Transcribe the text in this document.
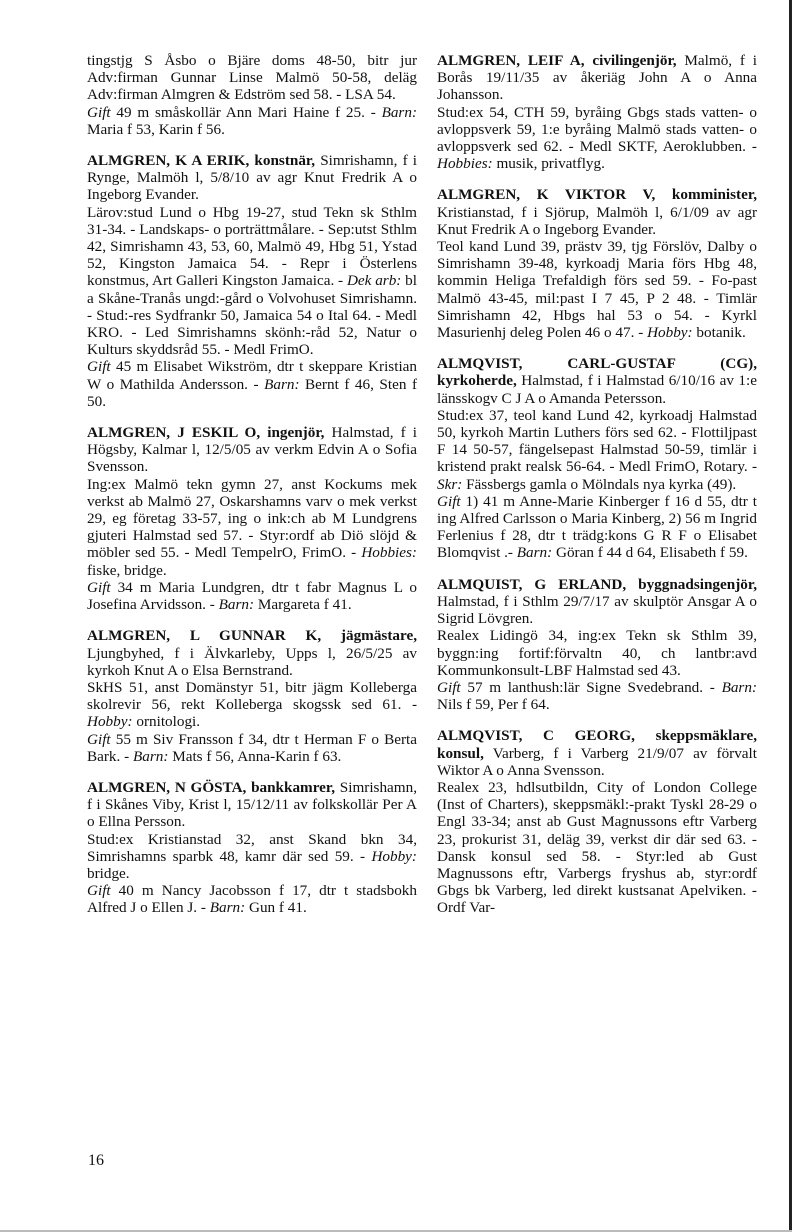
tingstjg S Åsbo o Bjäre doms 48-50, bitr jur Adv:firman Gunnar Linse Malmö 50-58, deläg Adv:firman Almgren & Edström sed 58. - LSA 54.

Gift 49 m småskollär Ann Mari Haine f 25. - Barn: Maria f 53, Karin f 56.

ALMGREN, K A ERIK, konstnär, Simrishamn, f i Rynge, Malmöh l, 5/8/10 av agr Knut Fredrik A o Ingeborg Evander.

Lärov:stud Lund o Hbg 19-27, stud Tekn sk Sthlm 31-34. - Landskaps- o porträttmålare. - Sep:utst Sthlm 42, Simrishamn 43, 53, 60, Malmö 49, Hbg 51, Ystad 52, Kingston Jamaica 54. - Repr i Österlens konstmus, Art Galleri Kingston Jamaica. - Dek arb: bl a Skåne-Tranås ungd:-gård o Volvohuset Simrishamn. - Stud:-res Sydfrankr 50, Jamaica 54 o Ital 64. - Medl KRO. - Led Simrishamns skönh:-råd 52, Natur o Kulturs skyddsråd 55. - Medl FrimO.

Gift 45 m Elisabet Wikström, dtr t skeppare Kristian W o Mathilda Andersson. - Barn: Bernt f 46, Sten f 50.

ALMGREN, J ESKIL O, ingenjör, Halmstad, f i Högsby, Kalmar l, 12/5/05 av verkm Edvin A o Sofia Svensson.

Ing:ex Malmö tekn gymn 27, anst Kockums mek verkst ab Malmö 27, Oskarshamns varv o mek verkst 29, eg företag 33-57, ing o ink:ch ab M Lundgrens gjuteri Halmstad sed 57. - Styr:ordf ab Diö slöjd & möbler sed 55. - Medl TempelrO, FrimO. - Hobbies: fiske, bridge.

Gift 34 m Maria Lundgren, dtr t fabr Magnus L o Josefina Arvidsson. - Barn: Margareta f 41.

ALMGREN, L GUNNAR K, jägmästare, Ljungbyhed, f i Älvkarleby, Upps l, 26/5/25 av kyrkoh Knut A o Elsa Bernstrand.

SkHS 51, anst Domänstyr 51, bitr jägm Kolleberga skolrevir 56, rekt Kolleberga skogssk sed 61. - Hobby: ornitologi.

Gift 55 m Siv Fransson f 34, dtr t Herman F o Berta Bark. - Barn: Mats f 56, Anna-Karin f 63.

ALMGREN, N GÖSTA, bankkamrer, Simrishamn, f i Skånes Viby, Krist l, 15/12/11 av folkskollär Per A o Ellna Persson.

Stud:ex Kristianstad 32, anst Skand bkn 34, Simrishamns sparbk 48, kamr där sed 59. - Hobby: bridge.

Gift 40 m Nancy Jacobsson f 17, dtr t stadsbokh Alfred J o Ellen J. - Barn: Gun f 41.

ALMGREN, LEIF A, civilingenjör, Malmö, f i Borås 19/11/35 av åkeriäg John A o Anna Johansson.

Stud:ex 54, CTH 59, byråing Gbgs stads vatten- o avloppsverk 59, 1:e byråing Malmö stads vatten- o avloppsverk sed 62. - Medl SKTF, Aeroklubben. - Hobbies: musik, privatflyg.

ALMGREN, K VIKTOR V, komminister, Kristianstad, f i Sjörup, Malmöh l, 6/1/09 av agr Knut Fredrik A o Ingeborg Evander.

Teol kand Lund 39, prästv 39, tjg Förslöv, Dalby o Simrishamn 39-48, kyrkoadj Maria förs Hbg 48, kommin Heliga Trefaldigh förs sed 59. - Fo-past Malmö 43-45, mil:past I 7 45, P 2 48. - Timlär Simrishamn 42, Hbgs hal 53 o 54. - Kyrkl Masurienhj deleg Polen 46 o 47. - Hobby: botanik.

ALMQVIST, CARL-GUSTAF (CG), kyrkoherde, Halmstad, f i Halmstad 6/10/16 av 1:e länsskogv C J A o Amanda Petersson.

Stud:ex 37, teol kand Lund 42, kyrkoadj Halmstad 50, kyrkoh Martin Luthers förs sed 62. - Flottiljpast F 14 50-57, fängelsepast Halmstad 50-59, timlär i kristend prakt realsk 56-64. - Medl FrimO, Rotary. - Skr: Fässbergs gamla o Mölndals nya kyrka (49).

Gift 1) 41 m Anne-Marie Kinberger f 16 d 55, dtr t ing Alfred Carlsson o Maria Kinberg, 2) 56 m Ingrid Ferlenius f 28, dtr t trädg:kons G R F o Elisabet Blomqvist .- Barn: Göran f 44 d 64, Elisabeth f 59.

ALMQUIST, G ERLAND, byggnadsingenjör, Halmstad, f i Sthlm 29/7/17 av skulptör Ansgar A o Sigrid Lövgren.

Realex Lidingö 34, ing:ex Tekn sk Sthlm 39, byggn:ing fortif:förvaltn 40, ch lantbr:avd Kommunkonsult-LBF Halmstad sed 43.

Gift 57 m lanthush:lär Signe Svedebrand. - Barn: Nils f 59, Per f 64.

ALMQVIST, C GEORG, skeppsmäklare, konsul, Varberg, f i Varberg 21/9/07 av förvalt Wiktor A o Anna Svensson.

Realex 23, hdlsutbildn, City of London College (Inst of Charters), skeppsmäkl:-prakt Tyskl 28-29 o Engl 33-34; anst ab Gust Magnussons eftr Varberg 23, prokurist 31, deläg 39, verkst dir där sed 63. - Dansk konsul sed 58. - Styr:led ab Gust Magnussons eftr, Varbergs fryshus ab, styr:ordf Gbgs bk Varberg, led direkt kustsanat Apelviken. - Ordf Var-

16
